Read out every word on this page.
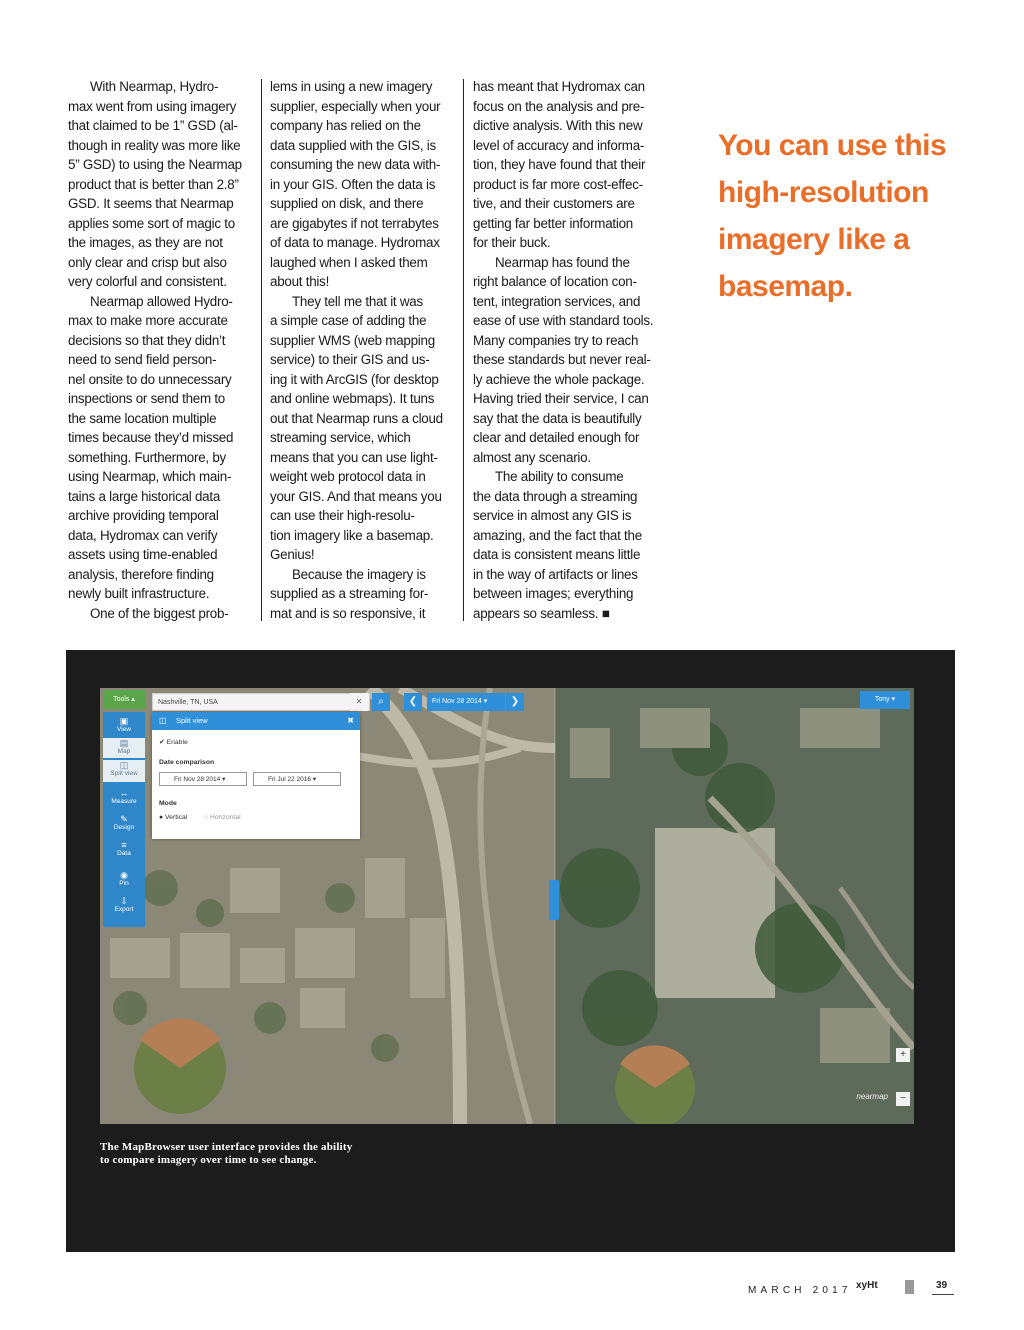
With Nearmap, Hydro-
max went from using imagery
that claimed to be 1” GSD (al-
though in reality was more like
5” GSD) to using the Nearmap
product that is better than 2.8”
GSD. It seems that Nearmap
applies some sort of magic to
the images, as they are not
only clear and crisp but also
very colorful and consistent.

Nearmap allowed Hydro-
max to make more accurate
decisions so that they didn’t
need to send field person-
nel onsite to do unnecessary
inspections or send them to
the same location multiple
times because they’d missed
something. Furthermore, by
using Nearmap, which main-
tains a large historical data
archive providing temporal
data, Hydromax can verify
assets using time-enabled
analysis, therefore finding
newly built infrastructure.

One of the biggest prob-

lems in using a new imagery
supplier, especially when your
company has relied on the
data supplied with the GIS, is
consuming the new data with-
in your GIS. Often the data is
supplied on disk, and there
are gigabytes if not terrabytes
of data to manage. Hydromax
laughed when I asked them
about this!

They tell me that it was
a simple case of adding the
supplier WMS (web mapping
service) to their GIS and us-
ing it with ArcGIS (for desktop
and online webmaps). It tuns
out that Nearmap runs a cloud
streaming service, which
means that you can use light-
weight web protocol data in
your GIS. And that means you
can use their high-resolu-
tion imagery like a basemap.
Genius!

Because the imagery is
supplied as a streaming for-
mat and is so responsive, it

has meant that Hydromax can
focus on the analysis and pre-
dictive analysis. With this new
level of accuracy and informa-
tion, they have found that their
product is far more cost-effec-
tive, and their customers are
getting far better information
for their buck.

Nearmap has found the
right balance of location con-
tent, integration services, and
ease of use with standard tools.
Many companies try to reach
these standards but never real-
ly achieve the whole package.
Having tried their service, I can
say that the data is beautifully
clear and detailed enough for
almost any scenario.

The ability to consume
the data through a streaming
service in almost any GIS is
amazing, and the fact that the
data is consistent means little
in the way of artifacts or lines
between images; everything
appears so seamless. ■

You can use this high-resolution imagery like a basemap.
Tools ▴	Nashville, TN, USA	✕	⌕	❮	Fri Nov 28 2014 ▾	❯	Tony ▾
▣
View
▤
Map
◫
Split view
↔
Measure
✎
Design
≡
Data
◉
Pin
⇩
Export
◫ Split view	✖
✔ Enable
Date comparison
Fri Nov 28 2014 ▾	Fri Jul 22 2016 ▾
Mode
● Vertical ○ Horizontal
+
−
nearmap
The MapBrowser user interface provides the ability to compare imagery over time to see change.
MARCH 2017 xyHt	39
